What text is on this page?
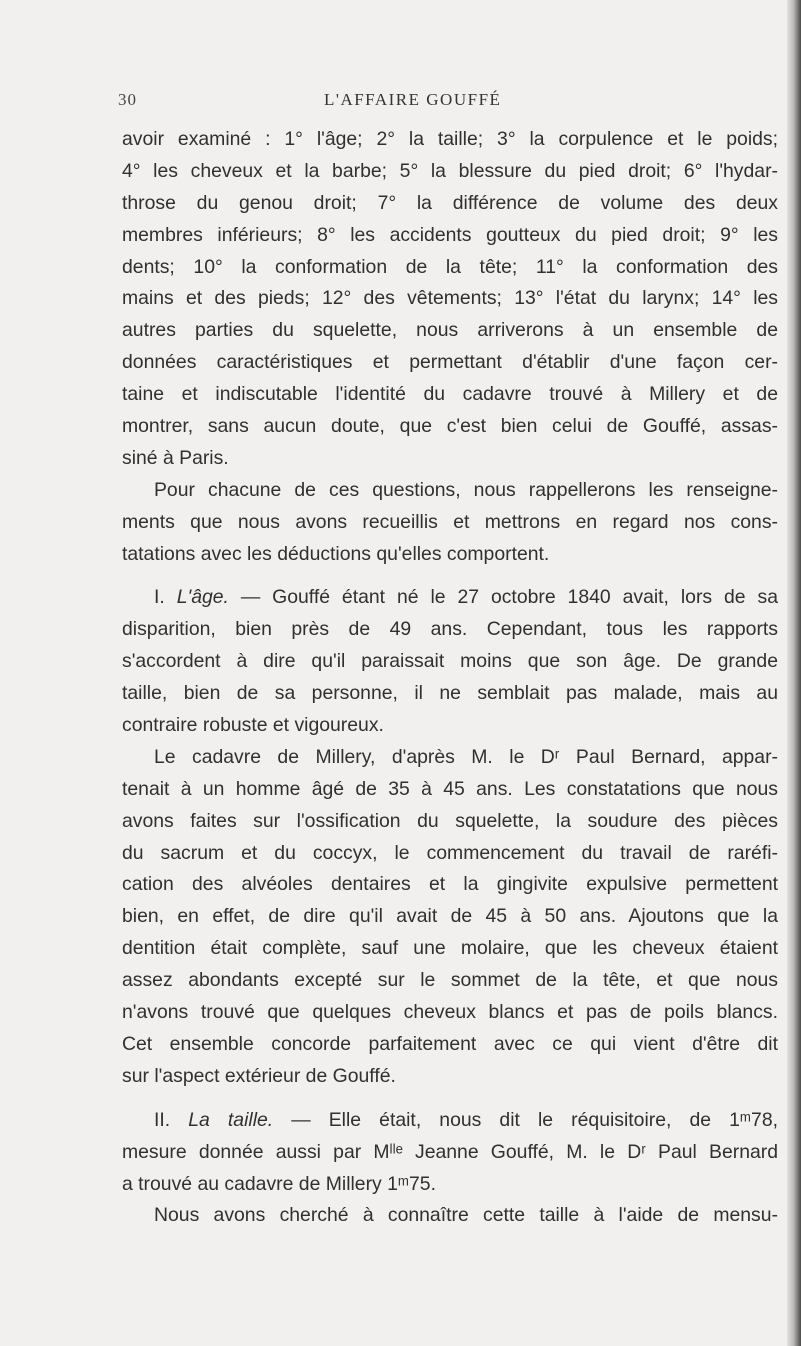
30	L'AFFAIRE GOUFFÉ
avoir examiné : 1° l'âge; 2° la taille; 3° la corpulence et le poids;
4° les cheveux et la barbe; 5° la blessure du pied droit; 6° l'hydar-
throse du genou droit; 7° la différence de volume des deux
membres inférieurs; 8° les accidents goutteux du pied droit; 9° les
dents; 10° la conformation de la tête; 11° la conformation des
mains et des pieds; 12° des vêtements; 13° l'état du larynx; 14° les
autres parties du squelette, nous arriverons à un ensemble de
données caractéristiques et permettant d'établir d'une façon cer-
taine et indiscutable l'identité du cadavre trouvé à Millery et de
montrer, sans aucun doute, que c'est bien celui de Gouffé, assas-
siné à Paris.
Pour chacune de ces questions, nous rappellerons les renseigne-
ments que nous avons recueillis et mettrons en regard nos cons-
tatations avec les déductions qu'elles comportent.
I. L'âge. — Gouffé étant né le 27 octobre 1840 avait, lors de sa
disparition, bien près de 49 ans. Cependant, tous les rapports
s'accordent à dire qu'il paraissait moins que son âge. De grande
taille, bien de sa personne, il ne semblait pas malade, mais au
contraire robuste et vigoureux.
Le cadavre de Millery, d'après M. le Dʳ Paul Bernard, appar-
tenait à un homme âgé de 35 à 45 ans. Les constatations que nous
avons faites sur l'ossification du squelette, la soudure des pièces
du sacrum et du coccyx, le commencement du travail de raréfi-
cation des alvéoles dentaires et la gingivite expulsive permettent
bien, en effet, de dire qu'il avait de 45 à 50 ans. Ajoutons que la
dentition était complète, sauf une molaire, que les cheveux étaient
assez abondants excepté sur le sommet de la tête, et que nous
n'avons trouvé que quelques cheveux blancs et pas de poils blancs.
Cet ensemble concorde parfaitement avec ce qui vient d'être dit
sur l'aspect extérieur de Gouffé.
II. La taille. — Elle était, nous dit le réquisitoire, de 1ᵐ78,
mesure donnée aussi par Mˡˡᵉ Jeanne Gouffé, M. le Dʳ Paul Bernard
a trouvé au cadavre de Millery 1ᵐ75.
Nous avons cherché à connaître cette taille à l'aide de mensu-
